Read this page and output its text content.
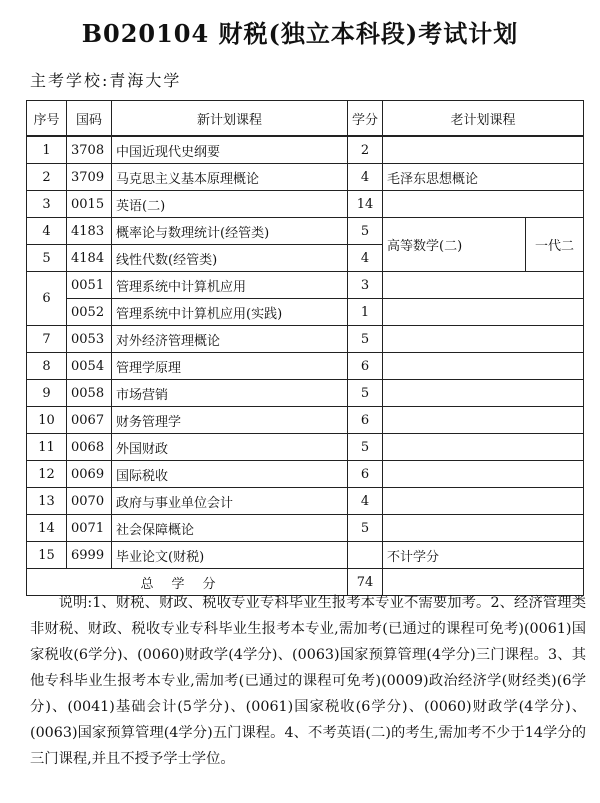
B020104 财税(独立本科段)考试计划
主考学校:青海大学
序号	国码	新计划课程	学分	老计划课程	
1	3708	中国近现代史纲要	2		
2	3709	马克思主义基本原理概论	4	毛泽东思想概论	
3	0015	英语(二)	14		
4	4183	概率论与数理统计(经管类)	5	高等数学(二)	一代二
5	4184	线性代数(经管类)	4		
6	0051	管理系统中计算机应用	3		
	0052	管理系统中计算机应用(实践)	1		
7	0053	对外经济管理概论	5		
8	0054	管理学原理	6		
9	0058	市场营销	5		
10	0067	财务管理学	6		
11	0068	外国财政	5		
12	0069	国际税收	6		
13	0070	政府与事业单位会计	4		
14	0071	社会保障概论	5		
15	6999	毕业论文(财税)		不计学分	
总学分			74		
说明:1、财税、财政、税收专业专科毕业生报考本专业不需要加考。2、经济管理类非财税、财政、税收专业专科毕业生报考本专业,需加考(已通过的课程可免考)(0061)国家税收(6学分)、(0060)财政学(4学分)、(0063)国家预算管理(4学分)三门课程。3、其他专科毕业生报考本专业,需加考(已通过的课程可免考)(0009)政治经济学(财经类)(6学分)、(0041)基础会计(5学分)、(0061)国家税收(6学分)、(0060)财政学(4学分)、(0063)国家预算管理(4学分)五门课程。4、不考英语(二)的考生,需加考不少于14学分的三门课程,并且不授予学士学位。
